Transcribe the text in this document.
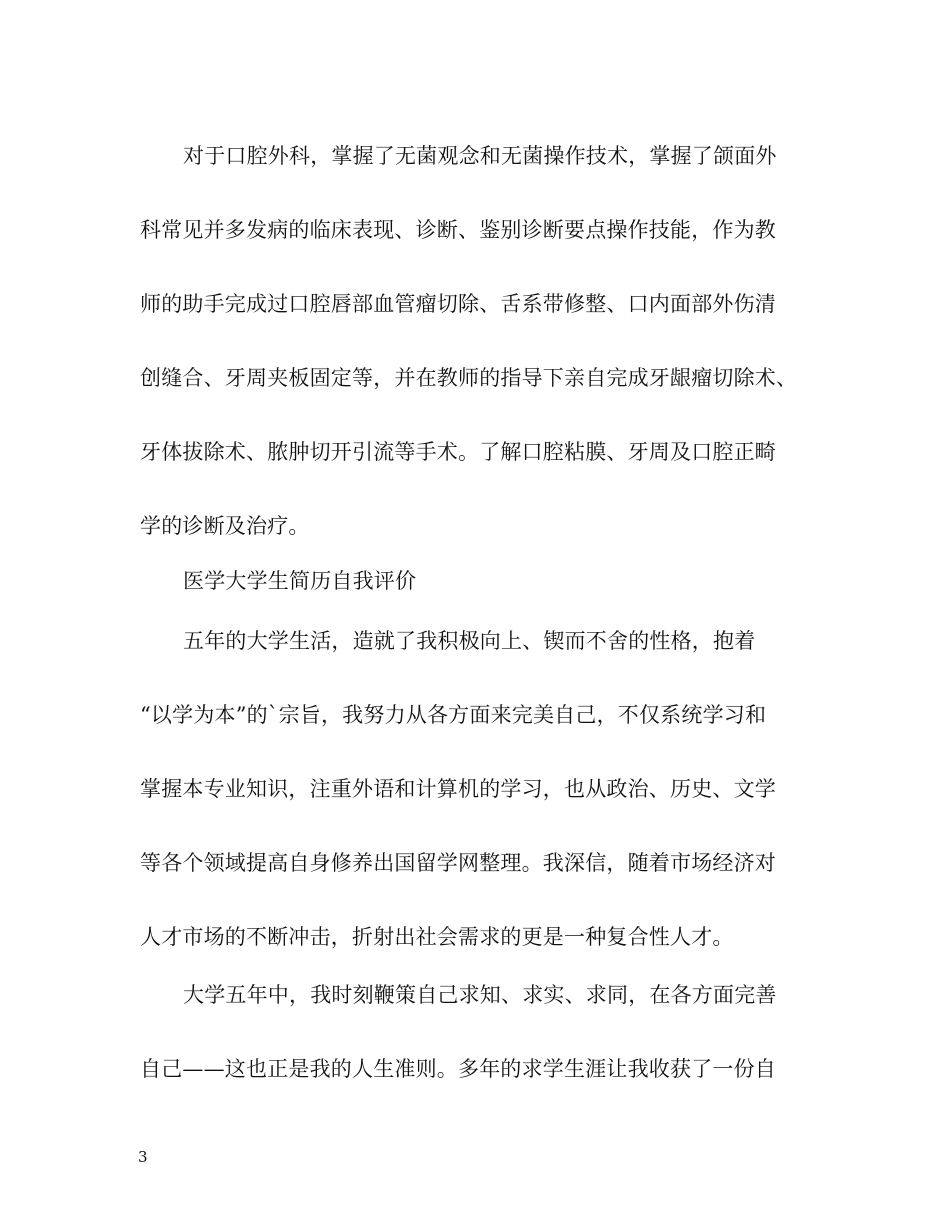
对于口腔外科，掌握了无菌观念和无菌操作技术，掌握了颌面外
科常见并多发病的临床表现、诊断、鉴别诊断要点操作技能，作为教
师的助手完成过口腔唇部血管瘤切除、舌系带修整、口内面部外伤清
创缝合、牙周夹板固定等，并在教师的指导下亲自完成牙龈瘤切除术、
牙体拔除术、脓肿切开引流等手术。了解口腔粘膜、牙周及口腔正畸
学的诊断及治疗。
医学大学生简历自我评价
五年的大学生活，造就了我积极向上、锲而不舍的性格，抱着
“以学为本”的`宗旨，我努力从各方面来完美自己，不仅系统学习和
掌握本专业知识，注重外语和计算机的学习，也从政治、历史、文学
等各个领域提高自身修养出国留学网整理。我深信，随着市场经济对
人才市场的不断冲击，折射出社会需求的更是一种复合性人才。
大学五年中，我时刻鞭策自己求知、求实、求同，在各方面完善
自己——这也正是我的人生准则。多年的求学生涯让我收获了一份自
3
